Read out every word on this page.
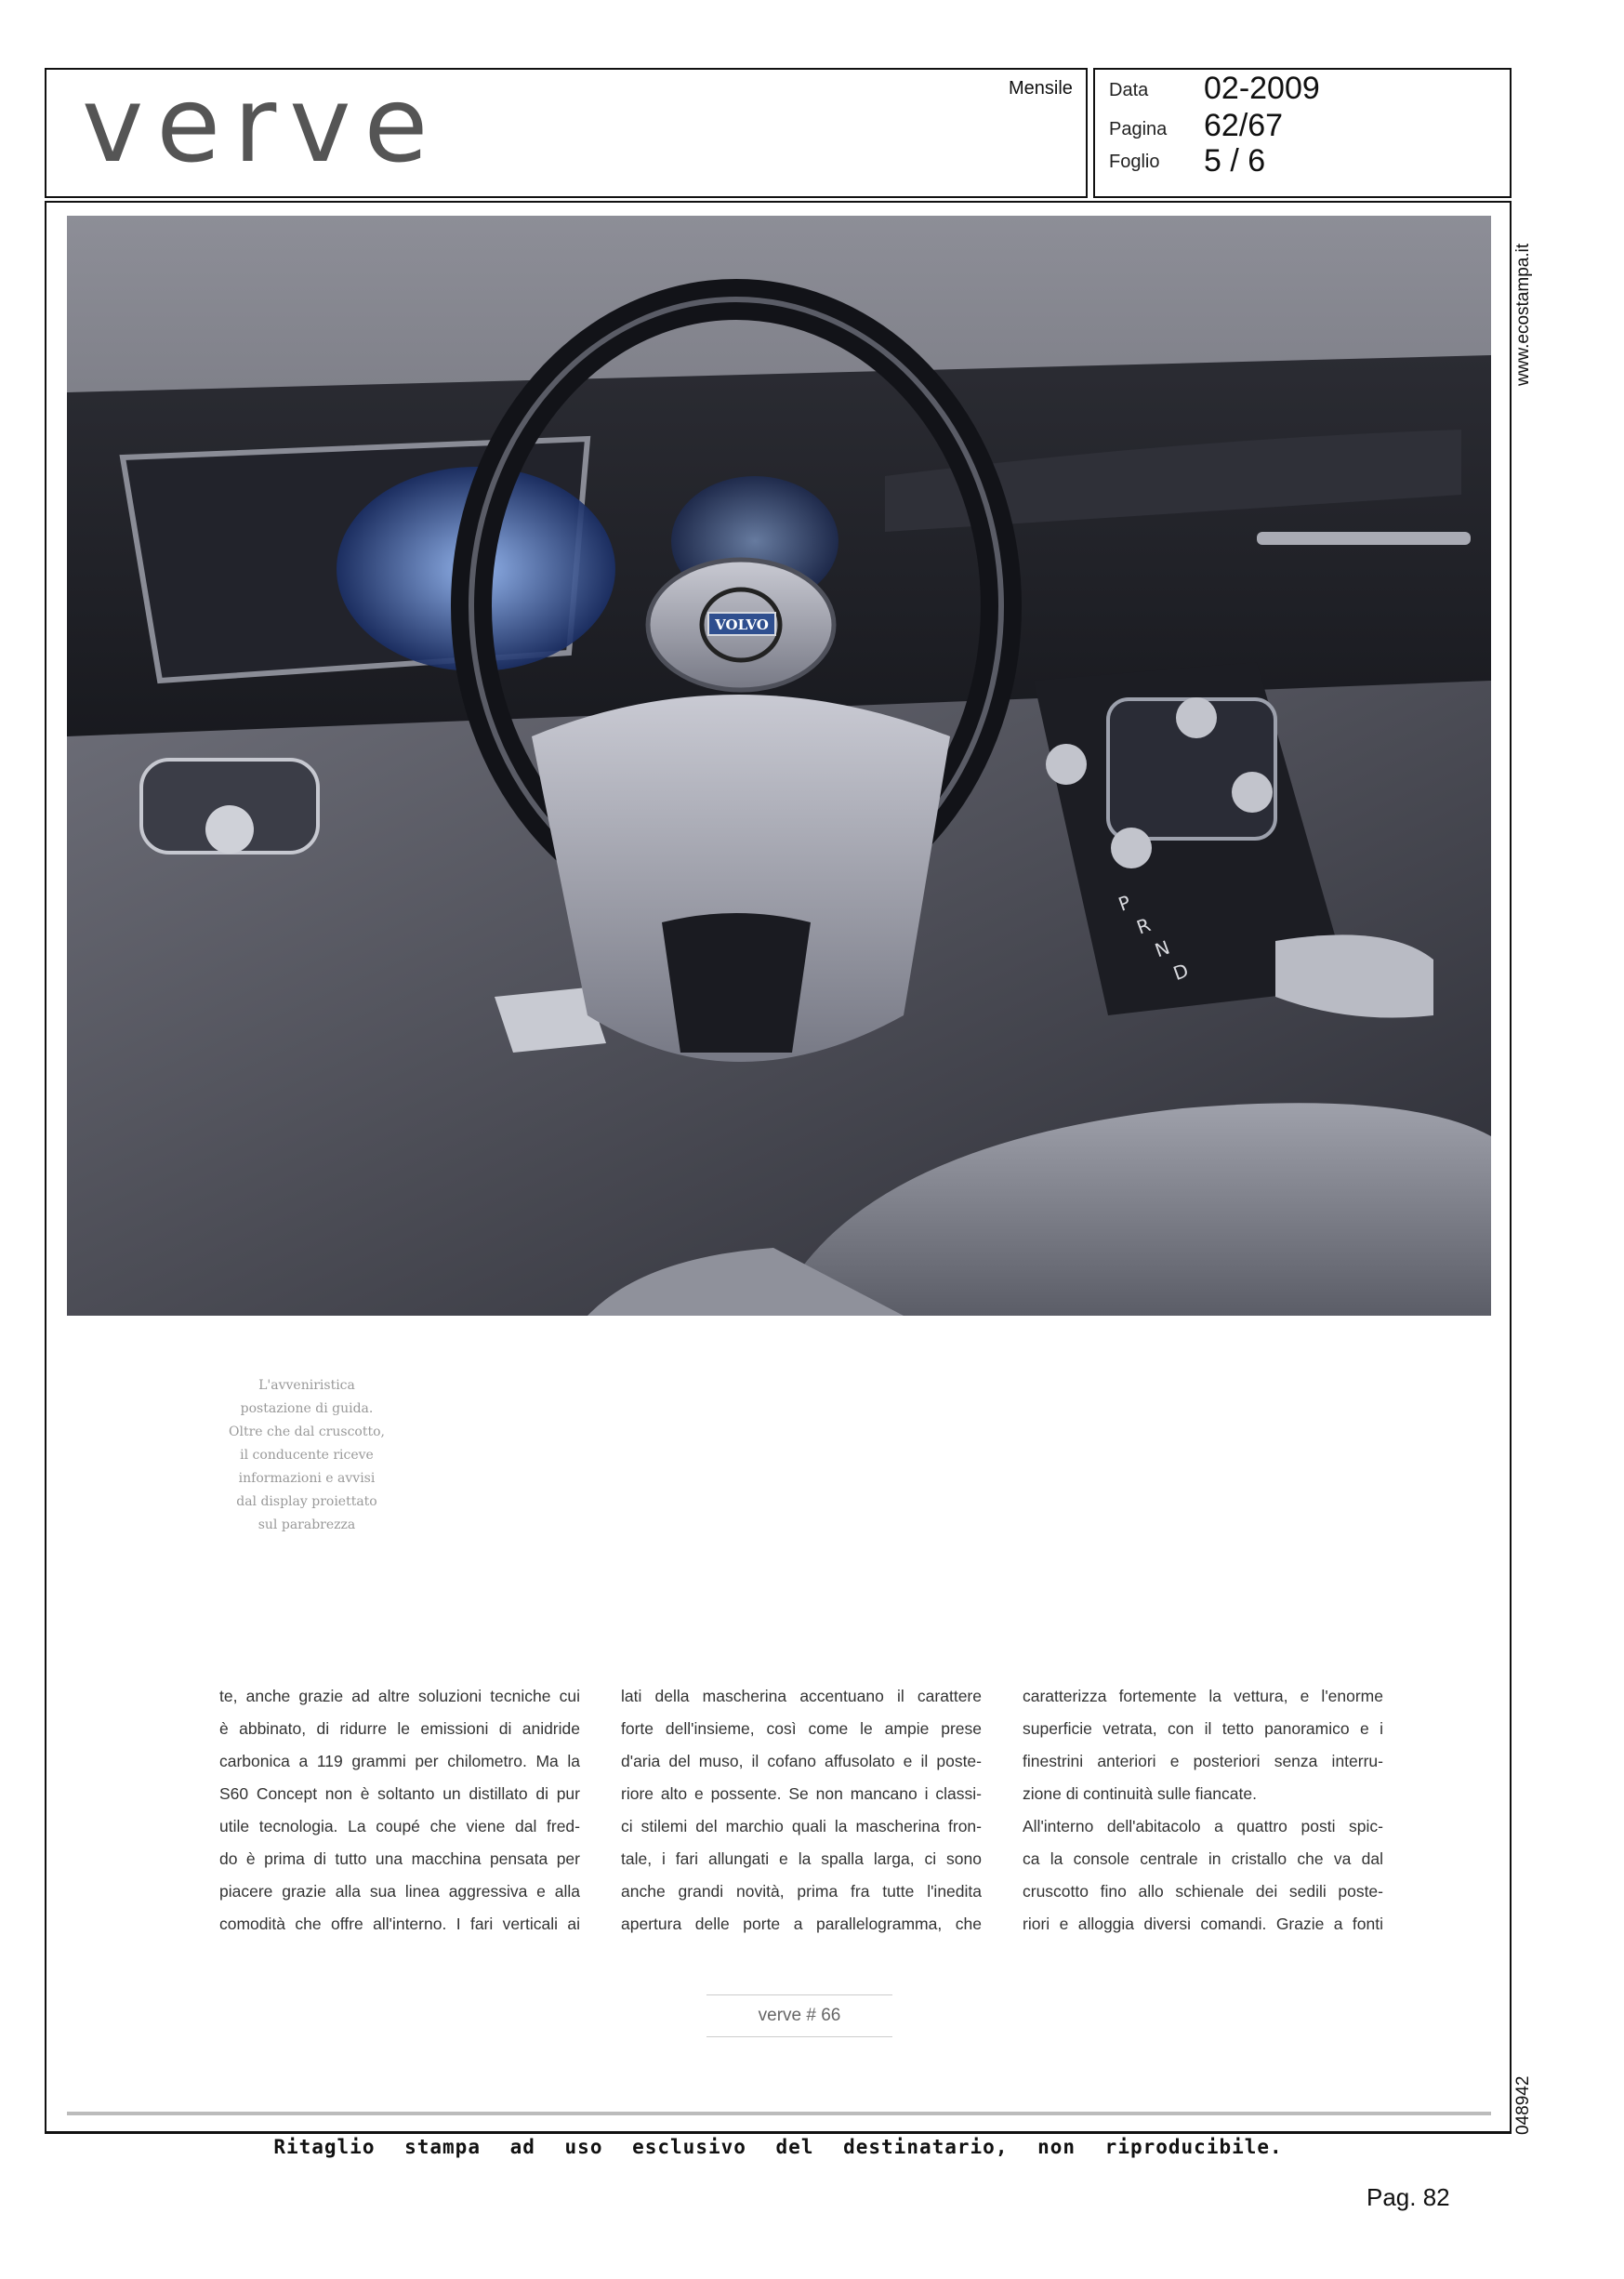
verve	Mensile Data 02-2009
Pagina 62/67
Foglio 5 / 6
www.ecostampa.it
048942
P
R
N
D
VOLVO
L'avveniristica
postazione di guida.
Oltre che dal cruscotto,
il conducente riceve
informazioni e avvisi
dal display proiettato
sul parabrezza
te, anche grazie ad altre soluzioni tecniche cui
è abbinato, di ridurre le emissioni di anidride
carbonica a 119 grammi per chilometro. Ma la
S60 Concept non è soltanto un distillato di pur
utile tecnologia. La coupé che viene dal fred-
do è prima di tutto una macchina pensata per
piacere grazie alla sua linea aggressiva e alla
comodità che offre all'interno. I fari verticali ai
lati della mascherina accentuano il carattere
forte dell'insieme, così come le ampie prese
d'aria del muso, il cofano affusolato e il poste-
riore alto e possente. Se non mancano i classi-
ci stilemi del marchio quali la mascherina fron-
tale, i fari allungati e la spalla larga, ci sono
anche grandi novità, prima fra tutte l'inedita
apertura delle porte a parallelogramma, che
caratterizza fortemente la vettura, e l'enorme
superficie vetrata, con il tetto panoramico e i
finestrini anteriori e posteriori senza interru-
zione di continuità sulle fiancate.
All'interno dell'abitacolo a quattro posti spic-
ca la console centrale in cristallo che va dal
cruscotto fino allo schienale dei sedili poste-
riori e alloggia diversi comandi. Grazie a fonti
verve # 66
Ritaglio stampa ad uso esclusivo del destinatario, non riproducibile.
Pag. 82
